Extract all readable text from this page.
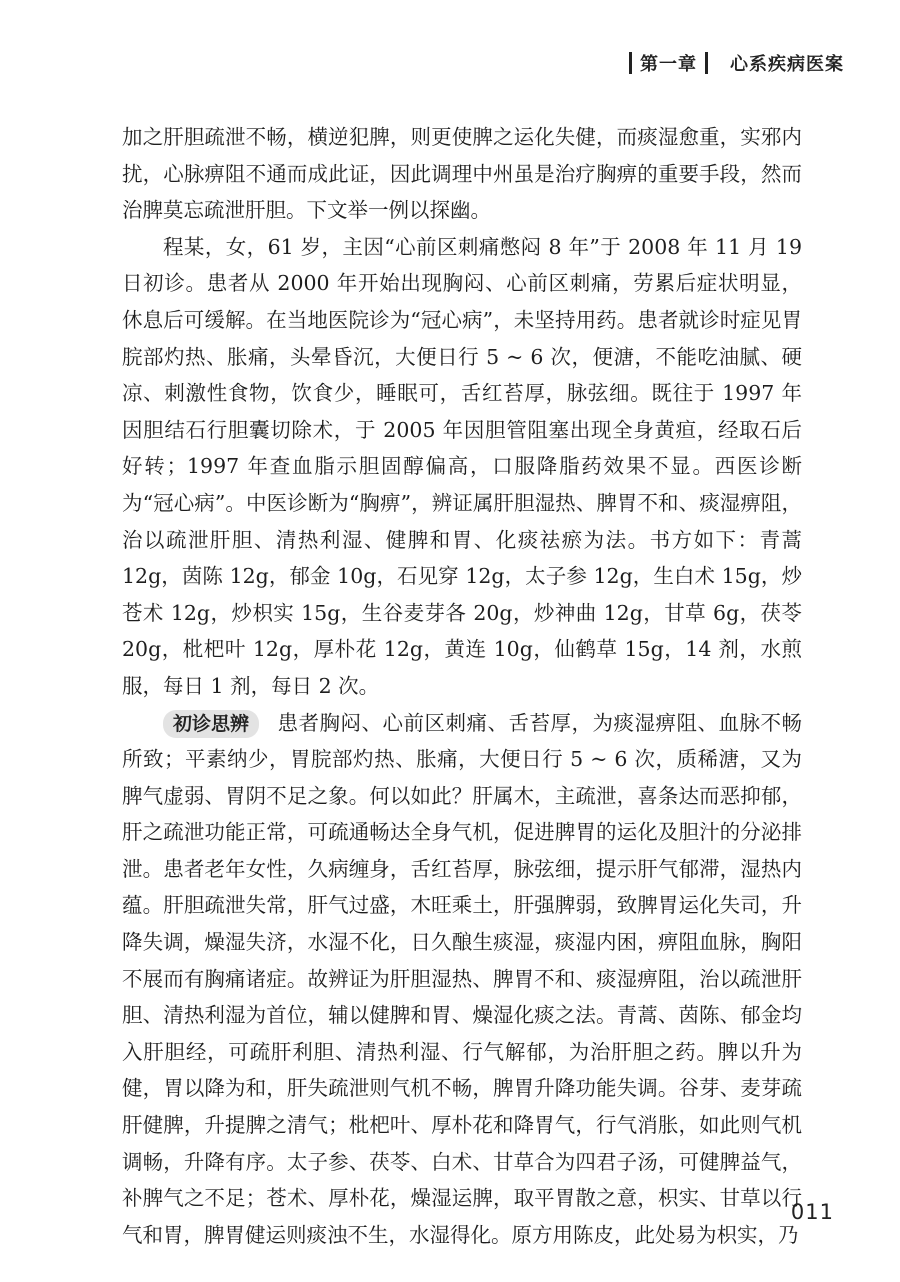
第一章 心系疾病医案

加之肝胆疏泄不畅，横逆犯脾，则更使脾之运化失健，而痰湿愈重，实邪内扰，心脉痹阻不通而成此证，因此调理中州虽是治疗胸痹的重要手段，然而治脾莫忘疏泄肝胆。下文举一例以探幽。

程某，女，61 岁，主因“心前区刺痛憋闷 8 年”于 2008 年 11 月 19 日初诊。患者从 2000 年开始出现胸闷、心前区刺痛，劳累后症状明显，休息后可缓解。在当地医院诊为“冠心病”，未坚持用药。患者就诊时症见胃脘部灼热、胀痛，头晕昏沉，大便日行 5 ~ 6 次，便溏，不能吃油腻、硬凉、刺激性食物，饮食少，睡眠可，舌红苔厚，脉弦细。既往于 1997 年因胆结石行胆囊切除术，于 2005 年因胆管阻塞出现全身黄疸，经取石后好转；1997 年查血脂示胆固醇偏高，口服降脂药效果不显。西医诊断为“冠心病”。中医诊断为“胸痹”，辨证属肝胆湿热、脾胃不和、痰湿痹阻，治以疏泄肝胆、清热利湿、健脾和胃、化痰祛瘀为法。书方如下：青蒿 12g，茵陈 12g，郁金 10g，石见穿 12g，太子参 12g，生白术 15g，炒苍术 12g，炒枳实 15g，生谷麦芽各 20g，炒神曲 12g，甘草 6g，茯苓 20g，枇杷叶 12g，厚朴花 12g，黄连 10g，仙鹤草 15g，14 剂，水煎服，每日 1 剂，每日 2 次。

初诊思辨 患者胸闷、心前区刺痛、舌苔厚，为痰湿痹阻、血脉不畅所致；平素纳少，胃脘部灼热、胀痛，大便日行 5 ~ 6 次，质稀溏，又为脾气虚弱、胃阴不足之象。何以如此？肝属木，主疏泄，喜条达而恶抑郁，肝之疏泄功能正常，可疏通畅达全身气机，促进脾胃的运化及胆汁的分泌排泄。患者老年女性，久病缠身，舌红苔厚，脉弦细，提示肝气郁滞，湿热内蕴。肝胆疏泄失常，肝气过盛，木旺乘土，肝强脾弱，致脾胃运化失司，升降失调，燥湿失济，水湿不化，日久酿生痰湿，痰湿内困，痹阻血脉，胸阳不展而有胸痛诸症。故辨证为肝胆湿热、脾胃不和、痰湿痹阻，治以疏泄肝胆、清热利湿为首位，辅以健脾和胃、燥湿化痰之法。青蒿、茵陈、郁金均入肝胆经，可疏肝利胆、清热利湿、行气解郁，为治肝胆之药。脾以升为健，胃以降为和，肝失疏泄则气机不畅，脾胃升降功能失调。谷芽、麦芽疏肝健脾，升提脾之清气；枇杷叶、厚朴花和降胃气，行气消胀，如此则气机调畅，升降有序。太子参、茯苓、白术、甘草合为四君子汤，可健脾益气，补脾气之不足；苍术、厚朴花，燥湿运脾，取平胃散之意，枳实、甘草以行气和胃，脾胃健运则痰浊不生，水湿得化。原方用陈皮，此处易为枳实，乃

011
